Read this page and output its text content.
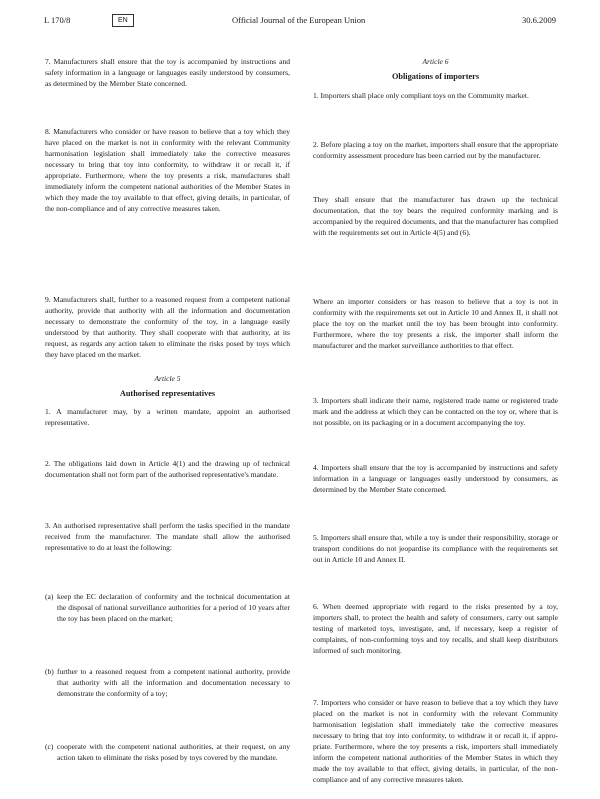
L 170/8	EN	Official Journal of the European Union	30.6.2009

7. Manufacturers shall ensure that the toy is accompanied by instructions and safety information in a language or languages easily understood by consumers, as determined by the Member State concerned.

8. Manufacturers who consider or have reason to believe that a toy which they have placed on the market is not in conformity with the relevant Community harmonisation legislation shall immediately take the corrective measures necessary to bring that toy into conformity, to withdraw it or recall it, if appropriate. Furthermore, where the toy presents a risk, manufactures shall immediately inform the competent national authorities of the Member States in which they made the toy available to that effect, giving details, in particular, of the non-compliance and of any corrective measures taken.

9. Manufacturers shall, further to a reasoned request from a competent national authority, provide that authority with all the information and documentation necessary to demonstrate the conformity of the toy, in a language easily understood by that authority. They shall cooperate with that authority, at its request, as regards any action taken to eliminate the risks posed by toys which they have placed on the market.

Article 5
Authorised representatives

1. A manufacturer may, by a written mandate, appoint an authorised representative.

2. The obligations laid down in Article 4(1) and the drawing up of technical documentation shall not form part of the authorised representative's mandate.

3. An authorised representative shall perform the tasks specified in the mandate received from the manufacturer. The mandate shall allow the authorised representative to do at least the following:

(a) keep the EC declaration of conformity and the technical documentation at the disposal of national surveillance authorities for a period of 10 years after the toy has been placed on the market;
(b) further to a reasoned request from a competent national authority, provide that authority with all the information and documentation necessary to demonstrate the conformity of a toy;
(c) cooperate with the competent national authorities, at their request, on any action taken to eliminate the risks posed by toys covered by the mandate.
Article 6
Obligations of importers

1. Importers shall place only compliant toys on the Community market.

2. Before placing a toy on the market, importers shall ensure that the appropriate conformity assessment procedure has been carried out by the manufacturer.

They shall ensure that the manufacturer has drawn up the technical documentation, that the toy bears the required conformity marking and is accompanied by the required documents, and that the manufacturer has complied with the requirements set out in Article 4(5) and (6).

Where an importer considers or has reason to believe that a toy is not in conformity with the requirements set out in Article 10 and Annex II, it shall not place the toy on the market until the toy has been brought into conformity. Furthermore, where the toy presents a risk, the importer shall inform the manufacturer and the market surveillance authorities to that effect.

3. Importers shall indicate their name, registered trade name or registered trade mark and the address at which they can be contacted on the toy or, where that is not possible, on its packaging or in a document accompanying the toy.

4. Importers shall ensure that the toy is accompanied by instructions and safety information in a language or languages easily understood by consumers, as determined by the Member State concerned.

5. Importers shall ensure that, while a toy is under their responsibility, storage or transport conditions do not jeopardise its compliance with the requirements set out in Article 10 and Annex II.

6. When deemed appropriate with regard to the risks presented by a toy, importers shall, to protect the health and safety of consumers, carry out sample testing of marketed toys, investigate, and, if necessary, keep a register of complaints, of non-conforming toys and toy recalls, and shall keep distributors informed of such monitoring.

7. Importers who consider or have reason to believe that a toy which they have placed on the market is not in conformity with the relevant Community harmonisation legislation shall immediately take the corrective measures necessary to bring that toy into conformity, to withdraw it or recall it, if appropriate. Furthermore, where the toy presents a risk, importers shall immediately inform the competent national authorities of the Member States in which they made the toy available to that effect, giving details, in particular, of the non-compliance and of any corrective measures taken.
